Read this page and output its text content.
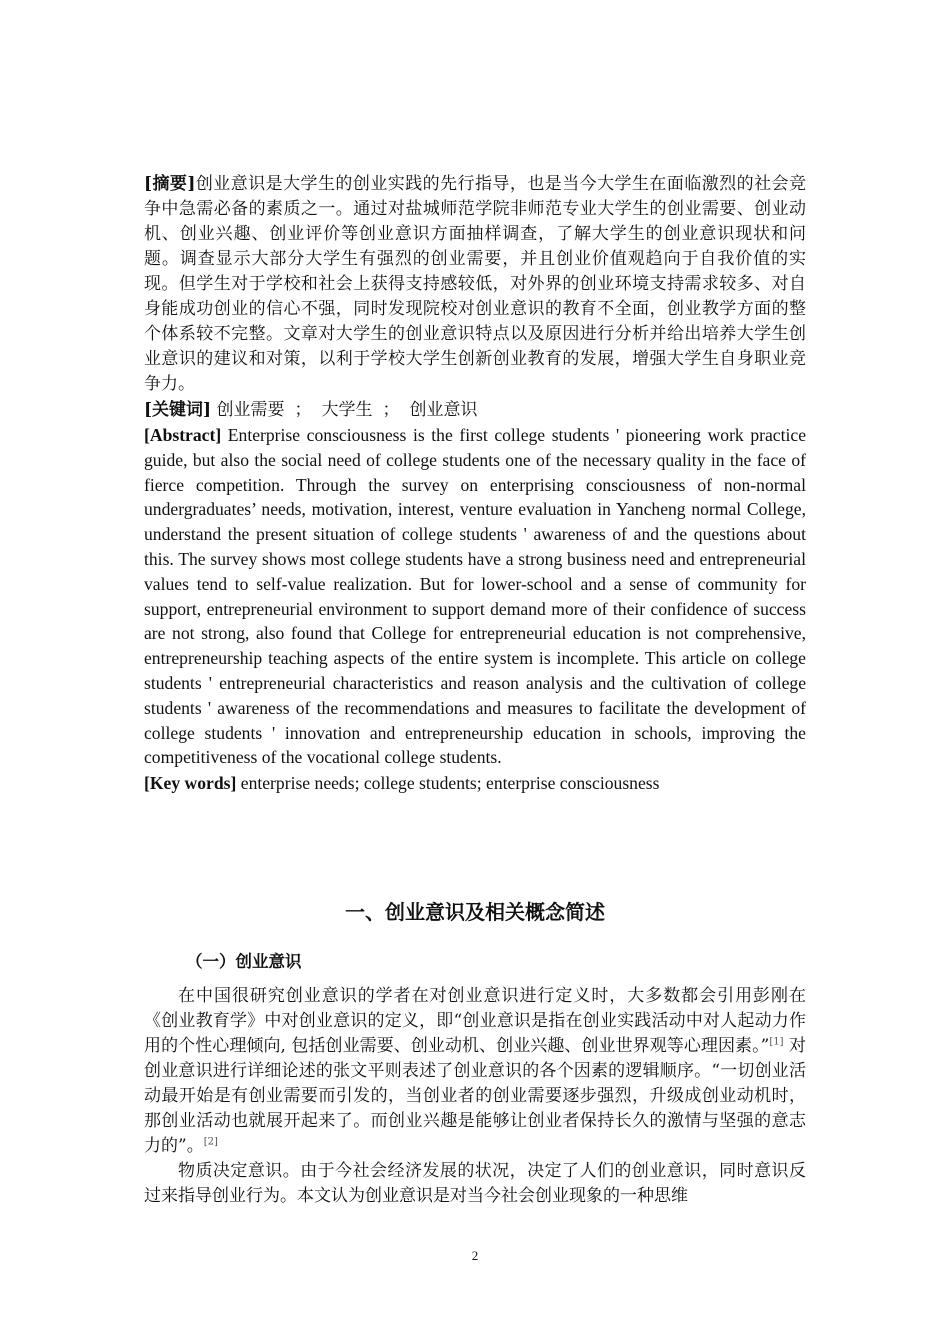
[摘要]创业意识是大学生的创业实践的先行指导，也是当今大学生在面临激烈的社会竞争中急需必备的素质之一。通过对盐城师范学院非师范专业大学生的创业需要、创业动机、创业兴趣、创业评价等创业意识方面抽样调查，了解大学生的创业意识现状和问题。调查显示大部分大学生有强烈的创业需要，并且创业价值观趋向于自我价值的实现。但学生对于学校和社会上获得支持感较低，对外界的创业环境支持需求较多、对自身能成功创业的信心不强，同时发现院校对创业意识的教育不全面，创业教学方面的整个体系较不完整。文章对大学生的创业意识特点以及原因进行分析并给出培养大学生创业意识的建议和对策，以利于学校大学生创新创业教育的发展，增强大学生自身职业竞争力。

[关键词] 创业需要 ； 大学生 ； 创业意识

[Abstract] Enterprise consciousness is the first college students ' pioneering work practice guide, but also the social need of college students one of the necessary quality in the face of fierce competition. Through the survey on enterprising consciousness of non-normal undergraduates’ needs, motivation, interest, venture evaluation in Yancheng normal College, understand the present situation of college students ' awareness of and the questions about this. The survey shows most college students have a strong business need and entrepreneurial values tend to self-value realization. But for lower-school and a sense of community for support, entrepreneurial environment to support demand more of their confidence of success are not strong, also found that College for entrepreneurial education is not comprehensive, entrepreneurship teaching aspects of the entire system is incomplete. This article on college students ' entrepreneurial characteristics and reason analysis and the cultivation of college students ' awareness of the recommendations and measures to facilitate the development of college students ' innovation and entrepreneurship education in schools, improving the competitiveness of the vocational college students.

[Key words] enterprise needs; college students; enterprise consciousness

一、创业意识及相关概念简述
（一）创业意识

在中国很研究创业意识的学者在对创业意识进行定义时，大多数都会引用彭刚在《创业教育学》中对创业意识的定义，即“创业意识是指在创业实践活动中对人起动力作用的个性心理倾向, 包括创业需要、创业动机、创业兴趣、创业世界观等心理因素。”[1] 对创业意识进行详细论述的张文平则表述了创业意识的各个因素的逻辑顺序。“一切创业活动最开始是有创业需要而引发的，当创业者的创业需要逐步强烈，升级成创业动机时，那创业活动也就展开起来了。而创业兴趣是能够让创业者保持长久的激情与坚强的意志力的”。[2]

物质决定意识。由于今社会经济发展的状况，决定了人们的创业意识，同时意识反过来指导创业行为。本文认为创业意识是对当今社会创业现象的一种思维

2
